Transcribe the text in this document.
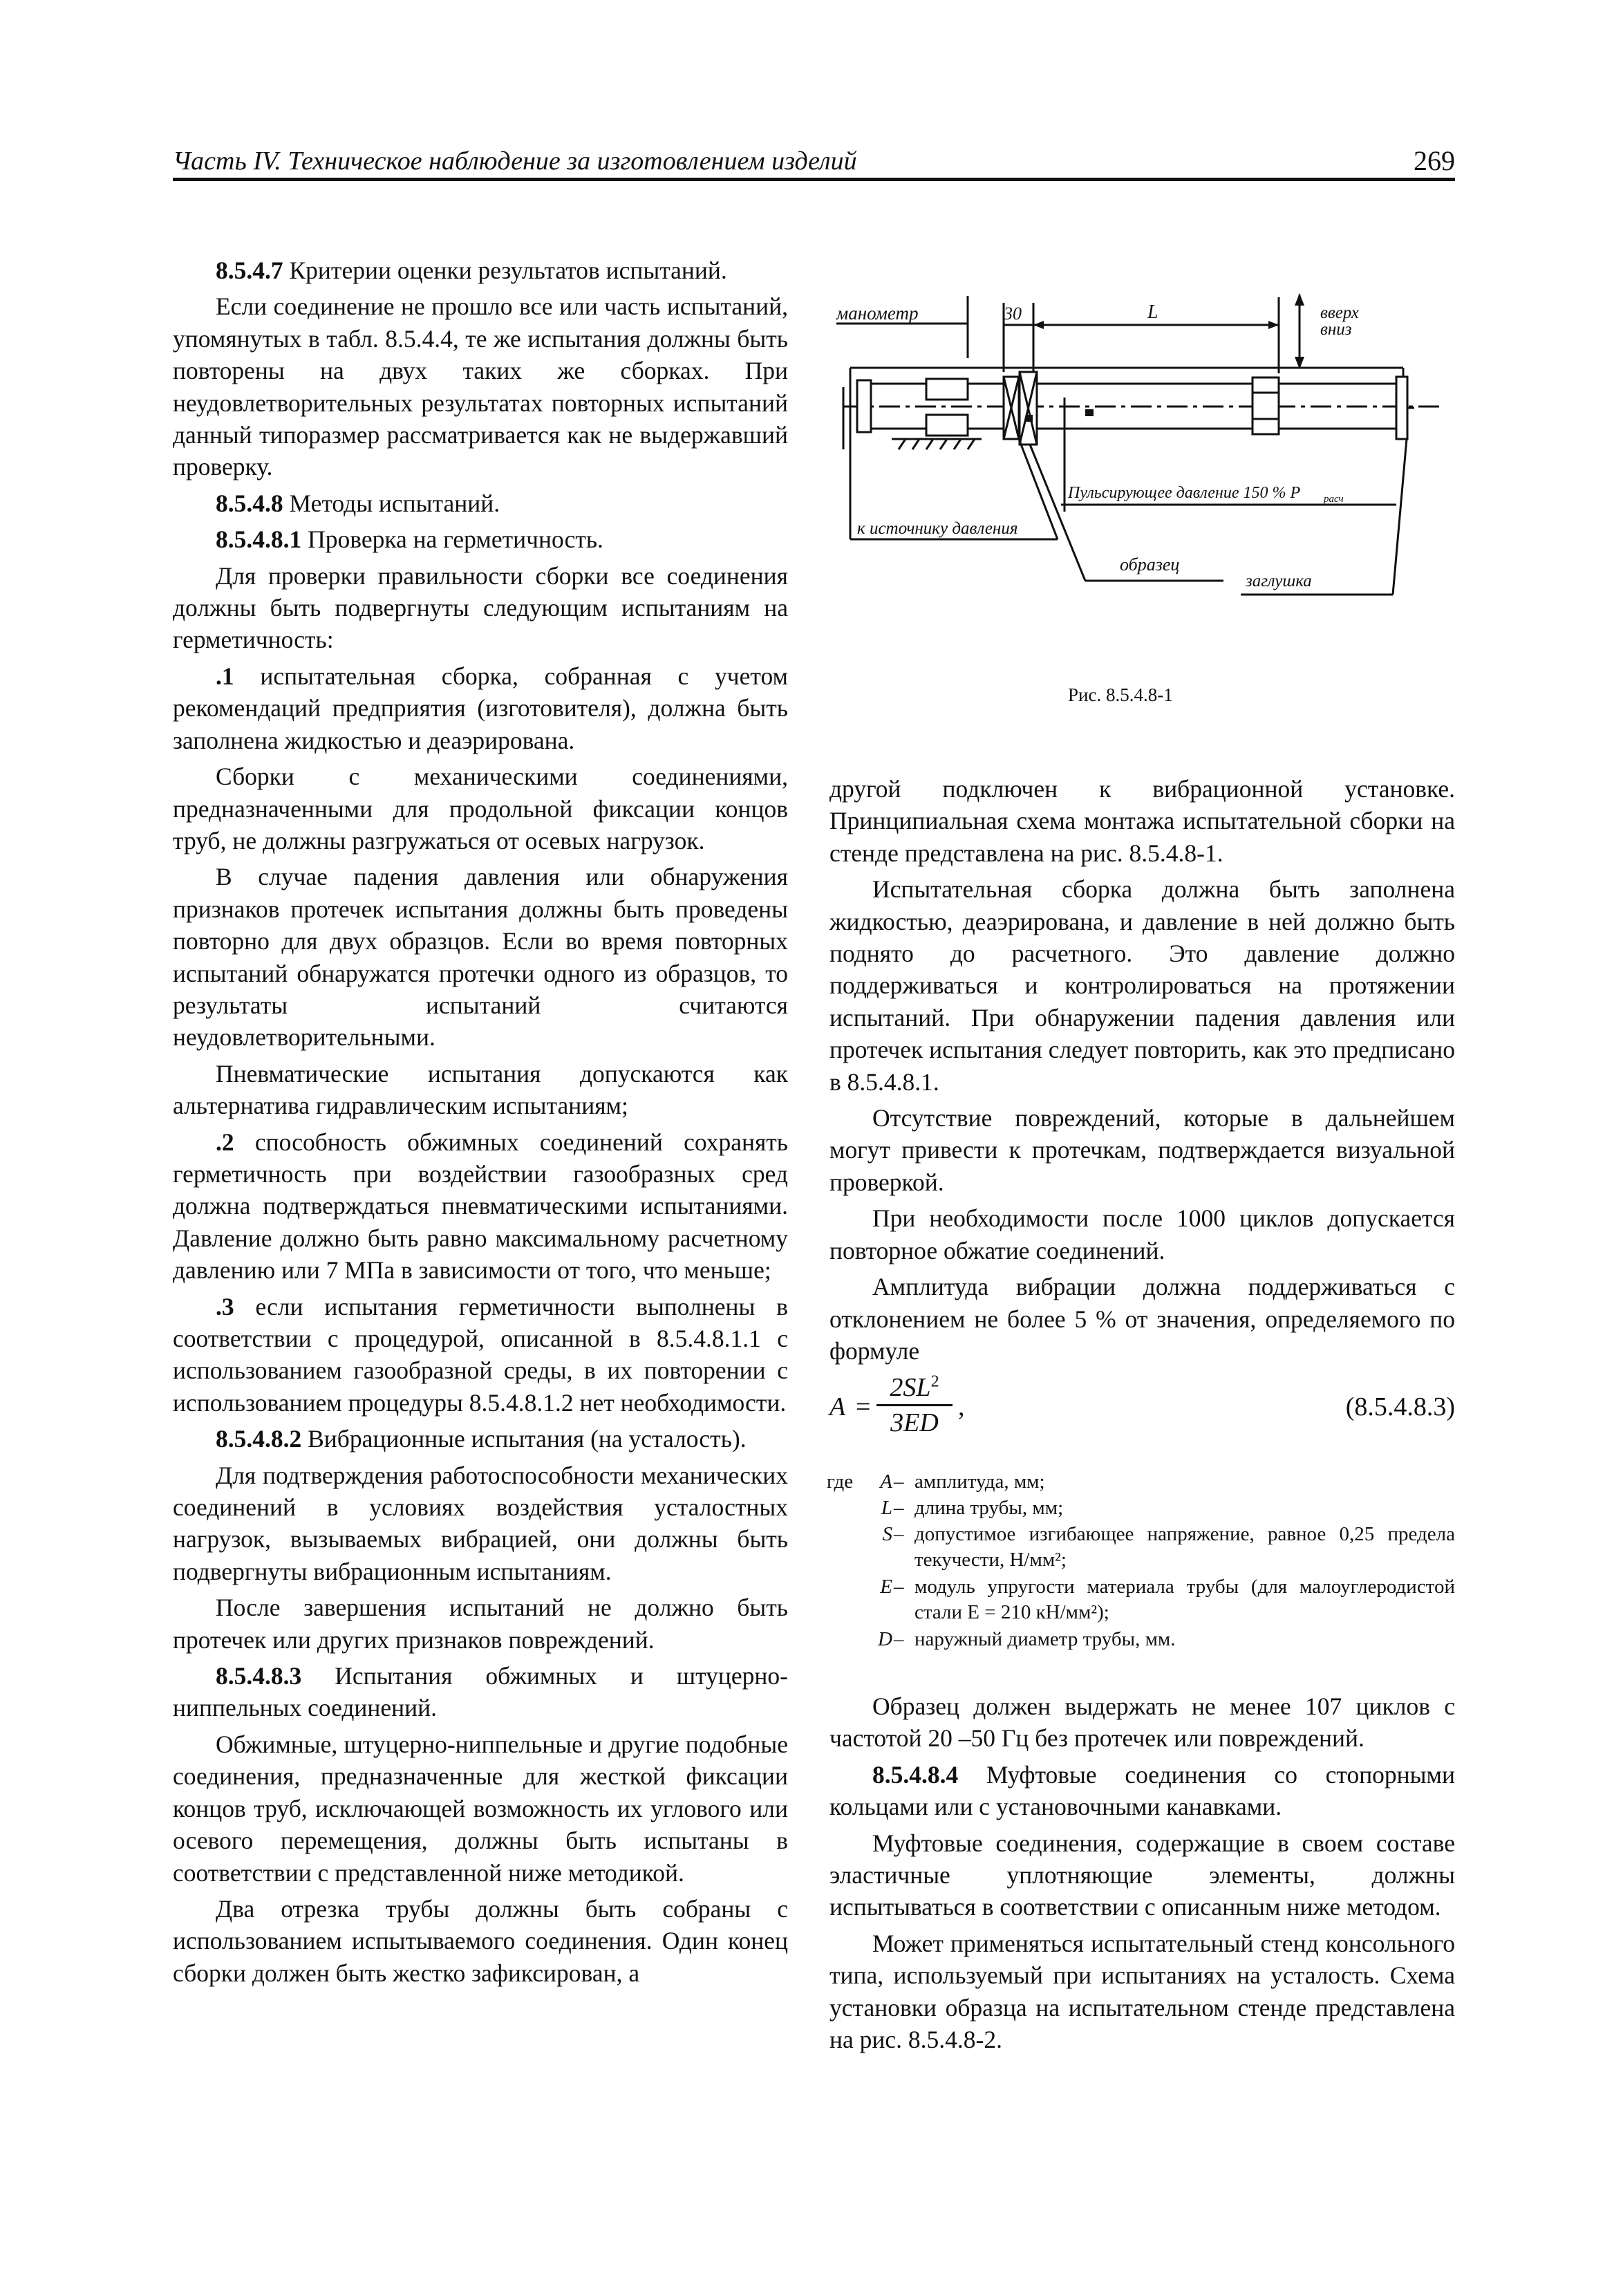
Часть IV. Техническое наблюдение за изготовлением изделий	269

8.5.4.7 Критерии оценки результатов испытаний.

Если соединение не прошло все или часть испытаний, упомянутых в табл. 8.5.4.4, те же испытания должны быть повторены на двух таких же сборках. При неудовлетворительных результатах повторных испытаний данный типоразмер рассматривается как не выдержавший проверку.

8.5.4.8 Методы испытаний.

8.5.4.8.1 Проверка на герметичность.

Для проверки правильности сборки все соединения должны быть подвергнуты следующим испытаниям на герметичность:

.1 испытательная сборка, собранная с учетом рекомендаций предприятия (изготовителя), должна быть заполнена жидкостью и деаэрирована.

Сборки с механическими соединениями, предназначенными для продольной фиксации концов труб, не должны разгружаться от осевых нагрузок.

В случае падения давления или обнаружения признаков протечек испытания должны быть проведены повторно для двух образцов. Если во время повторных испытаний обнаружатся протечки одного из образцов, то результаты испытаний считаются неудовлетворительными.

Пневматические испытания допускаются как альтернатива гидравлическим испытаниям;

.2 способность обжимных соединений сохранять герметичность при воздействии газообразных сред должна подтверждаться пневматическими испытаниями. Давление должно быть равно максимальному расчетному давлению или 7 МПа в зависимости от того, что меньше;

.3 если испытания герметичности выполнены в соответствии с процедурой, описанной в 8.5.4.8.1.1 с использованием газообразной среды, в их повторении с использованием процедуры 8.5.4.8.1.2 нет необходимости.

8.5.4.8.2 Вибрационные испытания (на усталость).

Для подтверждения работоспособности механических соединений в условиях воздействия усталостных нагрузок, вызываемых вибрацией, они должны быть подвергнуты вибрационным испытаниям.

После завершения испытаний не должно быть протечек или других признаков повреждений.

8.5.4.8.3 Испытания обжимных и штуцерно-ниппельных соединений.

Обжимные, штуцерно-ниппельные и другие подобные соединения, предназначенные для жесткой фиксации концов труб, исключающей возможность их углового или осевого перемещения, должны быть испытаны в соответствии с представленной ниже методикой.

Два отрезка трубы должны быть собраны с использованием испытываемого соединения. Один конец сборки должен быть жестко зафиксирован, а

манометр	30	L	вверх
вниз
Пульсирующее давление 150 % P расч
к источнику давления
образец
заглушка
Рис. 8.5.4.8-1

другой подключен к вибрационной установке. Принципиальная схема монтажа испытательной сборки на стенде представлена на рис. 8.5.4.8-1.

Испытательная сборка должна быть заполнена жидкостью, деаэрирована, и давление в ней должно быть поднято до расчетного. Это давление должно поддерживаться и контролироваться на протяжении испытаний. При обнаружении падения давления или протечек испытания следует повторить, как это предписано в 8.5.4.8.1.

Отсутствие повреждений, которые в дальнейшем могут привести к протечкам, подтверждается визуальной проверкой.

При необходимости после 1000 циклов допускается повторное обжатие соединений.

Амплитуда вибрации должна поддерживаться с отклонением не более 5 % от значения, определяемого по формуле

$A = \frac{2SL^2}{3ED}$ ,	(8.5.4.8.3)
где	A – амплитуда, мм;
L – длина трубы, мм;
S – допустимое изгибающее напряжение, равное 0,25 предела текучести, Н/мм²;
E – модуль упругости материала трубы (для малоуглеродистой стали E = 210 кН/мм²);
D – наружный диаметр трубы, мм.

Образец должен выдержать не менее 107 циклов с частотой 20 –50 Гц без протечек или повреждений.

8.5.4.8.4 Муфтовые соединения со стопорными кольцами или с установочными канавками.

Муфтовые соединения, содержащие в своем составе эластичные уплотняющие элементы, должны испытываться в соответствии с описанным ниже методом.

Может применяться испытательный стенд консольного типа, используемый при испытаниях на усталость. Схема установки образца на испытательном стенде представлена на рис. 8.5.4.8-2.
